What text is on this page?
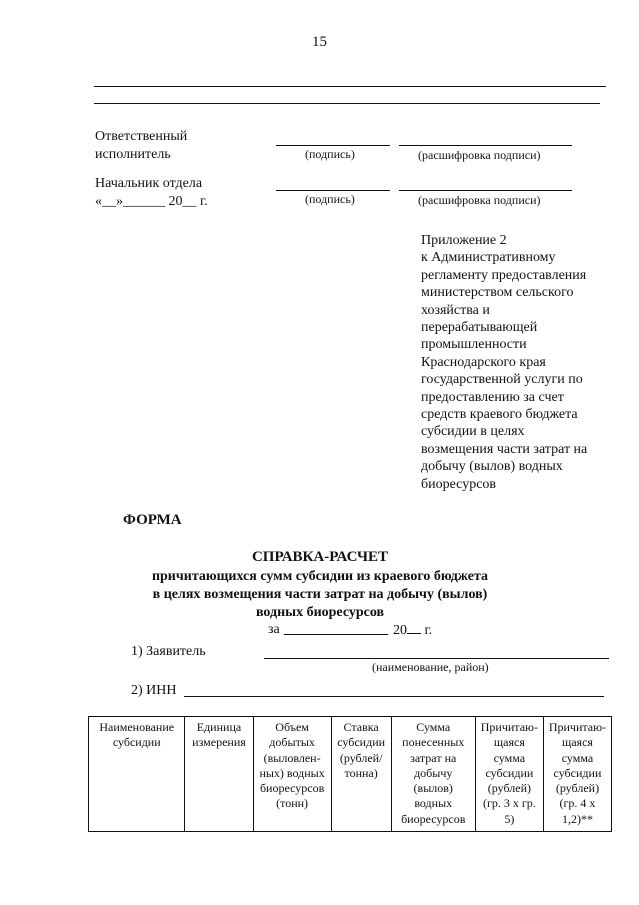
15
Ответственный
исполнитель	(подпись)	(расшифровка подписи)
Начальник отдела
«__»______ 20__ г.	(подпись)	(расшифровка подписи)
Приложение 2
к Административному
регламенту предоставления
министерством сельского
хозяйства и
перерабатывающей
промышленности
Краснодарского края
государственной услуги по
предоставлению за счет
средств краевого бюджета
субсидии в целях
возмещения части затрат на
добычу (вылов) водных
биоресурсов
ФОРМА
СПРАВКА-РАСЧЕТ
причитающихся сумм субсидии из краевого бюджета
в целях возмещения части затрат на добычу (вылов)
водных биоресурсов
за	20 г.
1) Заявитель
(наименование, район)
2) ИНН
Наименование субсидии	Единица измерения	Объем добытых (выловлен- ных) водных биоресурсов (тонн)	Ставка субсидии (рублей/ тонна)	Сумма понесенных затрат на добычу (вылов) водных биоресурсов	Причитаю- щаяся сумма субсидии (рублей) (гр. 3 х гр. 5)	Причитаю- щаяся сумма субсидии (рублей) (гр. 4 х 1,2)**
